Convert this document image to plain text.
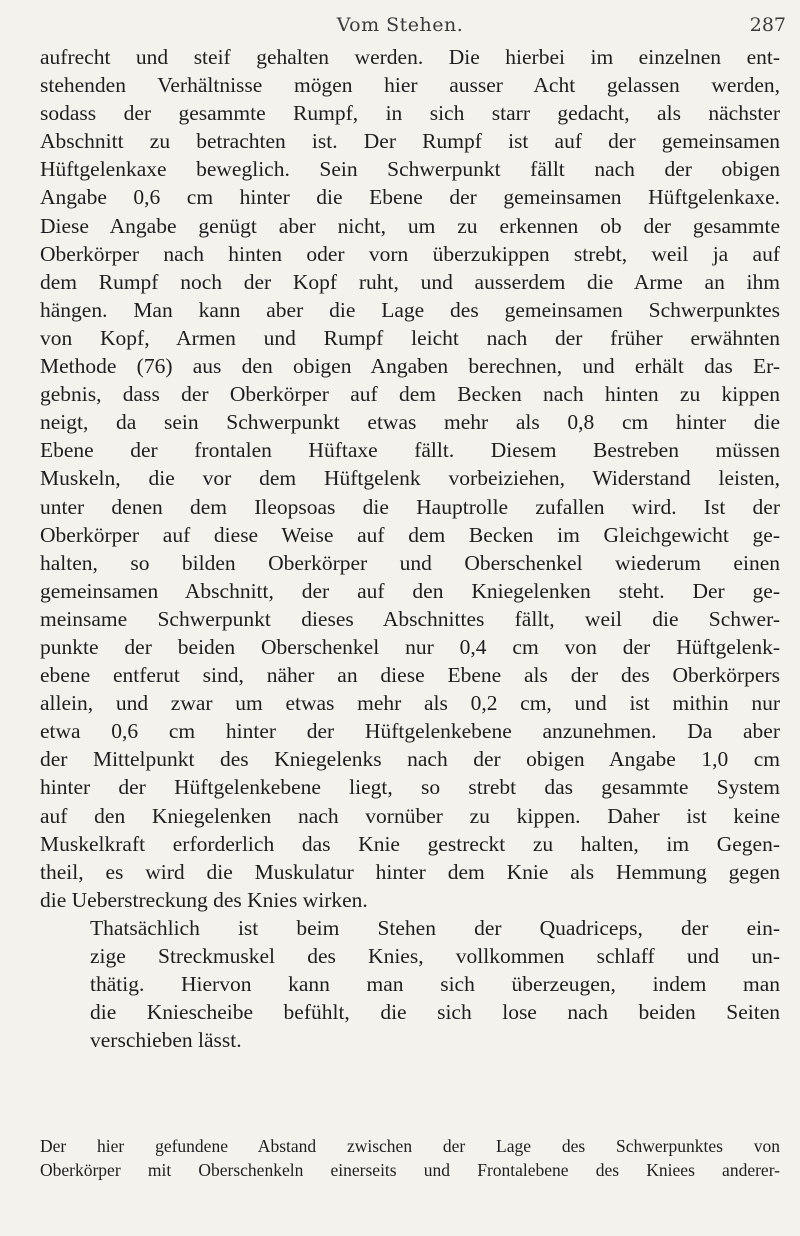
Vom Stehen.	287
aufrecht und steif gehalten werden. Die hierbei im einzelnen ent-
stehenden Verhältnisse mögen hier ausser Acht gelassen werden,
sodass der gesammte Rumpf, in sich starr gedacht, als nächster
Abschnitt zu betrachten ist. Der Rumpf ist auf der gemeinsamen
Hüftgelenkaxe beweglich. Sein Schwerpunkt fällt nach der obigen
Angabe 0,6 cm hinter die Ebene der gemeinsamen Hüftgelenkaxe.
Diese Angabe genügt aber nicht, um zu erkennen ob der gesammte
Oberkörper nach hinten oder vorn überzukippen strebt, weil ja auf
dem Rumpf noch der Kopf ruht, und ausserdem die Arme an ihm
hängen. Man kann aber die Lage des gemeinsamen Schwerpunktes
von Kopf, Armen und Rumpf leicht nach der früher erwähnten
Methode (76) aus den obigen Angaben berechnen, und erhält das Er-
gebnis, dass der Oberkörper auf dem Becken nach hinten zu kippen
neigt, da sein Schwerpunkt etwas mehr als 0,8 cm hinter die
Ebene der frontalen Hüftaxe fällt. Diesem Bestreben müssen
Muskeln, die vor dem Hüftgelenk vorbeiziehen, Widerstand leisten,
unter denen dem Ileopsoas die Hauptrolle zufallen wird. Ist der
Oberkörper auf diese Weise auf dem Becken im Gleichgewicht ge-
halten, so bilden Oberkörper und Oberschenkel wiederum einen
gemeinsamen Abschnitt, der auf den Kniegelenken steht. Der ge-
meinsame Schwerpunkt dieses Abschnittes fällt, weil die Schwer-
punkte der beiden Oberschenkel nur 0,4 cm von der Hüftgelenk-
ebene entferut sind, näher an diese Ebene als der des Oberkörpers
allein, und zwar um etwas mehr als 0,2 cm, und ist mithin nur
etwa 0,6 cm hinter der Hüftgelenkebene anzunehmen. Da aber
der Mittelpunkt des Kniegelenks nach der obigen Angabe 1,0 cm
hinter der Hüftgelenkebene liegt, so strebt das gesammte System
auf den Kniegelenken nach vornüber zu kippen. Daher ist keine
Muskelkraft erforderlich das Knie gestreckt zu halten, im Gegen-
theil, es wird die Muskulatur hinter dem Knie als Hemmung gegen
die Ueberstreckung des Knies wirken.
Thatsächlich ist beim Stehen der Quadriceps, der ein-
zige Streckmuskel des Knies, vollkommen schlaff und un-
thätig. Hiervon kann man sich überzeugen, indem man
die Kniescheibe befühlt, die sich lose nach beiden Seiten
verschieben lässt.
Der hier gefundene Abstand zwischen der Lage des Schwerpunktes von
Oberkörper mit Oberschenkeln einerseits und Frontalebene des Kniees anderer-
